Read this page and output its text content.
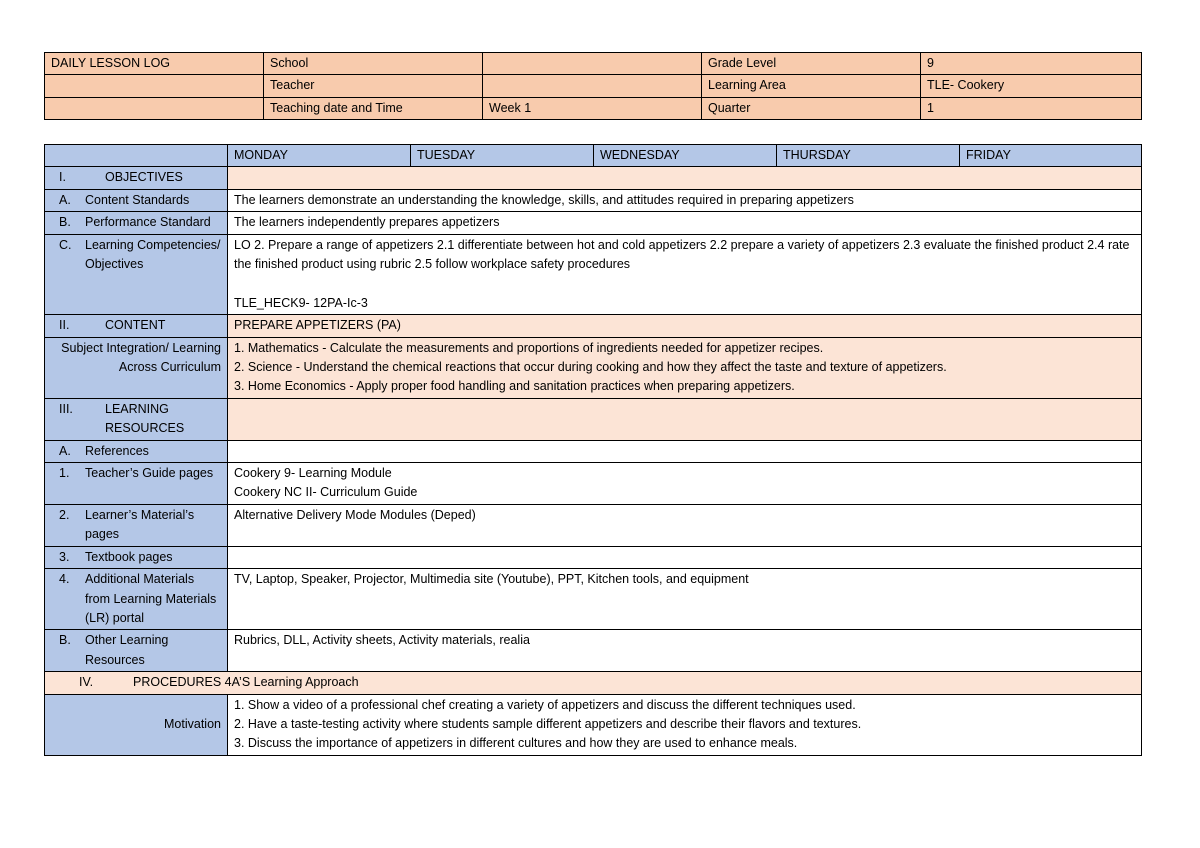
DAILY LESSON LOG	School		Grade Level	9
	Teacher		Learning Area	TLE- Cookery
	Teaching date and Time	Week 1	Quarter	1
	MONDAY	TUESDAY	WEDNESDAY	THURSDAY	FRIDAY

I. OBJECTIVES					

A. Content Standards	The learners demonstrate an understanding the knowledge, skills, and attitudes required in preparing appetizers				

B. Performance Standard	The learners independently prepares appetizers				

C. Learning Competencies/ Objectives	LO 2. Prepare a range of appetizers 2.1 differentiate between hot and cold appetizers 2.2 prepare a variety of appetizers 2.3 evaluate the finished product 2.4 rate the finished product using rubric 2.5 follow workplace safety procedures
TLE_HECK9- 12PA-Ic-3				

II. CONTENT	PREPARE APPETIZERS (PA)				
Subject Integration/ Learning Across Curriculum	1. Mathematics - Calculate the measurements and proportions of ingredients needed for appetizer recipes.
2. Science - Understand the chemical reactions that occur during cooking and how they affect the taste and texture of appetizers.
3. Home Economics - Apply proper food handling and sanitation practices when preparing appetizers.				

III. LEARNING RESOURCES					

A. References					

1. Teacher’s Guide pages	Cookery 9- Learning Module
Cookery NC II- Curriculum Guide				

2. Learner’s Material’s pages	Alternative Delivery Mode Modules (Deped)				

3. Textbook pages					

4. Additional Materials from Learning Materials (LR) portal	TV, Laptop, Speaker, Projector, Multimedia site (Youtube), PPT, Kitchen tools, and equipment				

B. Other Learning Resources	Rubrics, DLL, Activity sheets, Activity materials, realia				

IV. PROCEDURES 4A’S Learning Approach					

Motivation	1. Show a video of a professional chef creating a variety of appetizers and discuss the different techniques used.
2. Have a taste-testing activity where students sample different appetizers and describe their flavors and textures.
3. Discuss the importance of appetizers in different cultures and how they are used to enhance meals.				
